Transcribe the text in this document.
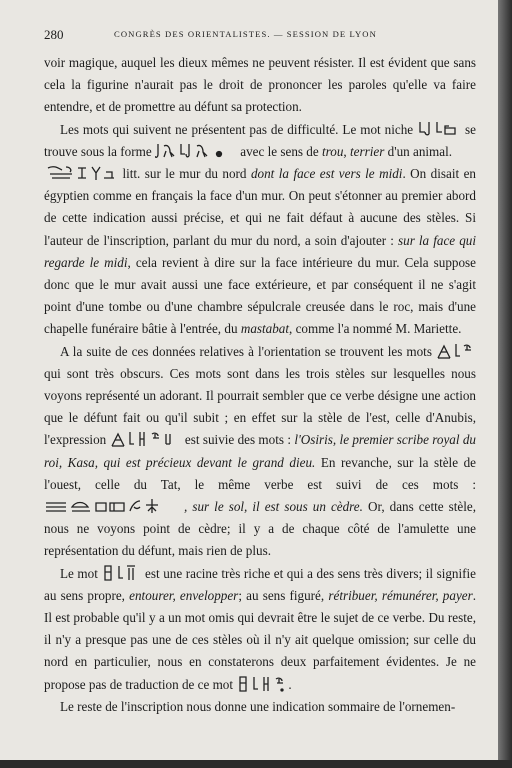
280	CONGRÈS DES ORIENTALISTES. — SESSION DE LYON

voir magique, auquel les dieux mêmes ne peuvent résister. Il est évident que sans cela la figurine n'aurait pas le droit de prononcer les paroles qu'elle va faire entendre, et de promettre au défunt sa protection.

Les mots qui suivent ne présentent pas de difficulté. Le mot niche	se trouve sous la forme	avec le sens de trou, terrier d'un animal.

litt. sur le mur du nord dont la face est vers le midi. On disait en égyptien comme en français la face d'un mur. On peut s'étonner au premier abord de cette indication aussi précise, et qui ne fait défaut à aucune des stèles. Si l'auteur de l'inscription, parlant du mur du nord, a soin d'ajouter : sur la face qui regarde le midi, cela revient à dire sur la face intérieure du mur. Cela suppose donc que le mur avait aussi une face extérieure, et par conséquent il ne s'agit point d'une tombe ou d'une chambre sépulcrale creusée dans le roc, mais d'une chapelle funéraire bâtie à l'entrée, du mastabat, comme l'a nommé M. Mariette.

A la suite de ces données relatives à l'orientation se trouvent les mots
qui sont très obscurs. Ces mots sont dans les trois stèles sur lesquelles nous voyons représenté un adorant. Il pourrait sembler que ce verbe désigne une action que le défunt fait ou qu'il subit ; en effet sur la stèle de l'est, celle d'Anubis, l'expression	est suivie des mots : l'Osiris, le premier scribe royal du roi, Kasa, qui est précieux devant le grand dieu. En revanche, sur la stèle de l'ouest, celle du Tat, le même verbe est suivi de ces mots :
, sur le sol, il est sous un cèdre. Or, dans cette stèle, nous ne voyons point de cèdre; il y a de chaque côté de l'amulette une représentation du défunt, mais rien de plus.

Le mot	est une racine très riche et qui a des sens très divers; il signifie au sens propre, entourer, envelopper; au sens figuré, rétribuer, rémunérer, payer. Il est probable qu'il y a un mot omis qui devrait être le sujet de ce verbe. Du reste, il n'y a presque pas une de ces stèles où il n'y ait quelque omission; sur celle du nord en particulier, nous en constaterons deux parfaitement évidentes. Je ne propose pas de traduction de ce mot	.

Le reste de l'inscription nous donne une indication sommaire de l'ornemen-
